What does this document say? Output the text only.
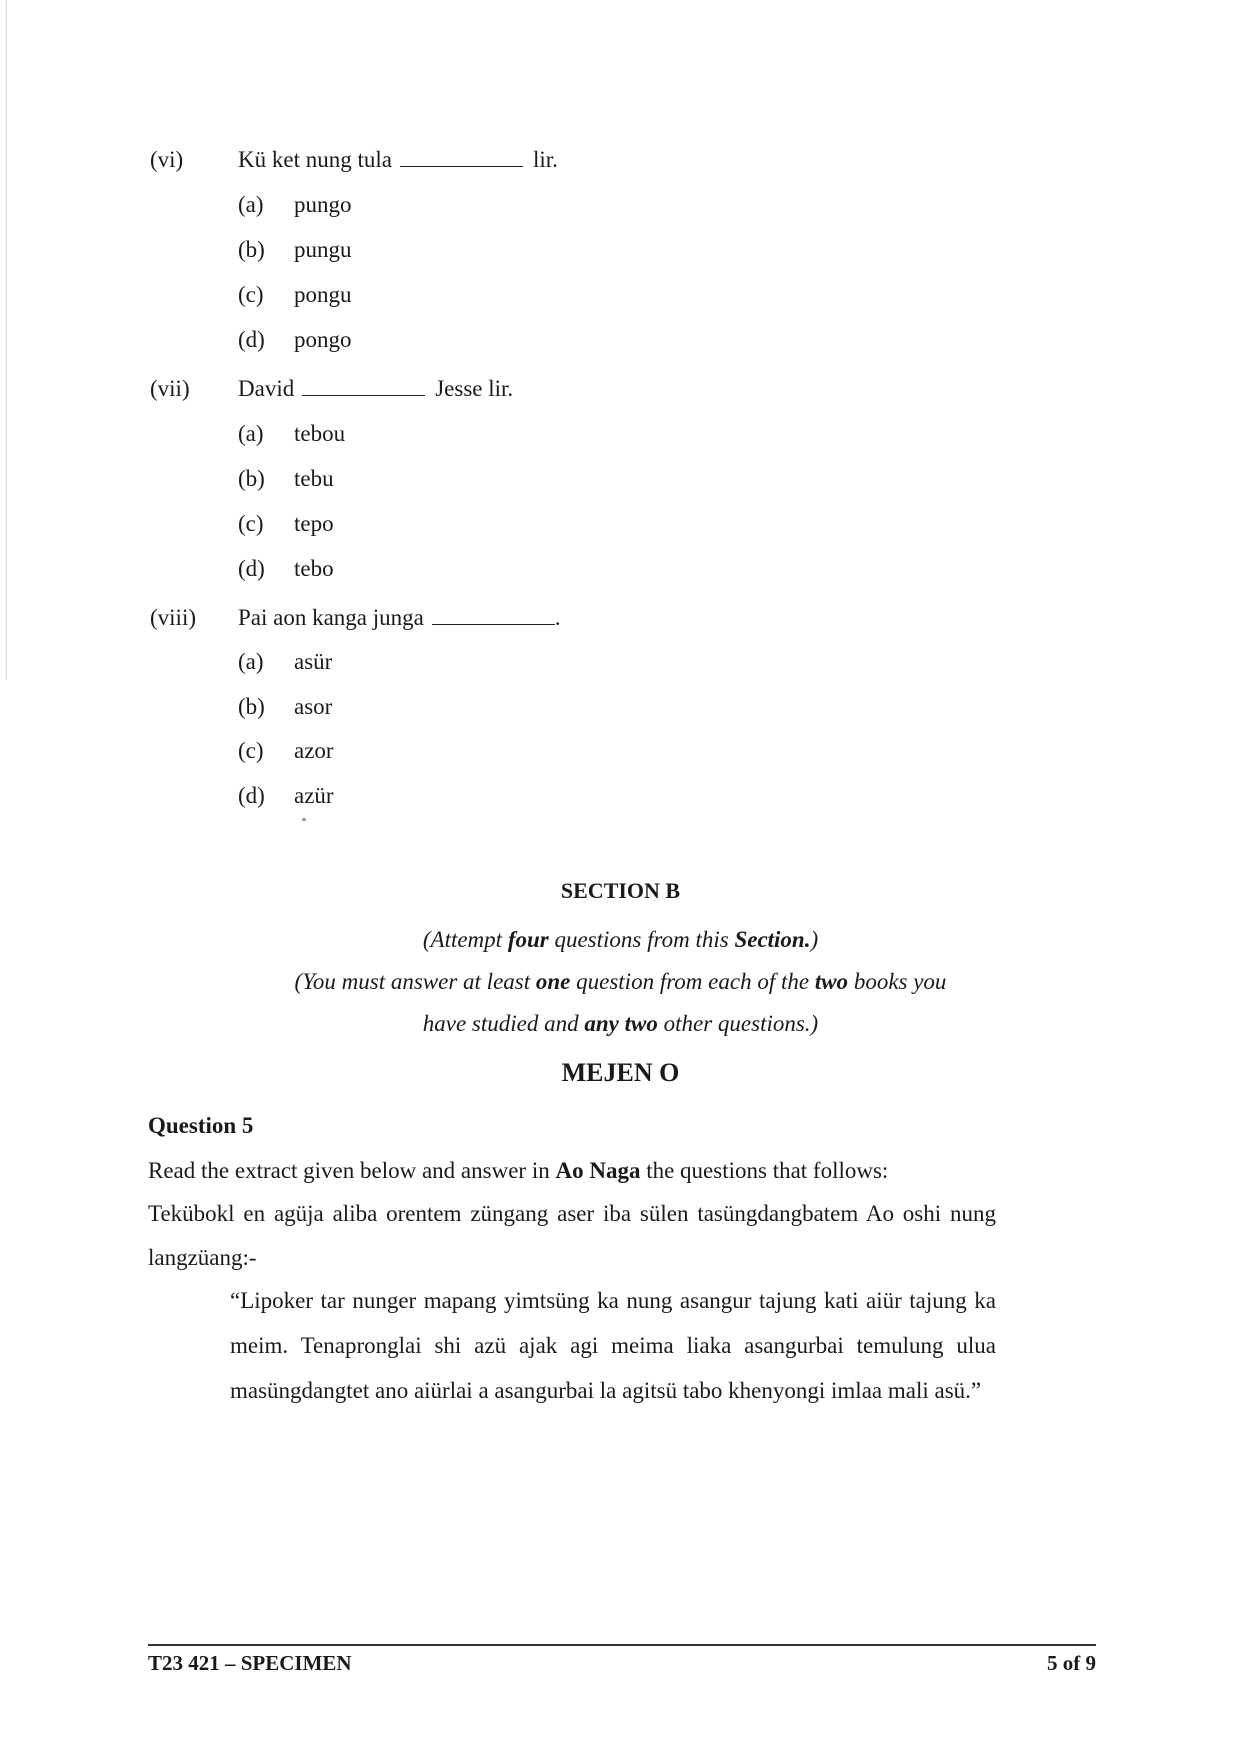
(vi) Kü ket nung tula	lir.
(a) pungo
(b) pungu
(c) pongu
(d) pongo
(vii) David	Jesse lir.
(a) tebou
(b) tebu
(c) tepo
(d) tebo
(viii) Pai aon kanga junga	.
(a) asür
(b) asor
(c) azor
(d) azür
SECTION B
(Attempt four questions from this Section.)
(You must answer at least one question from each of the two books you
have studied and any two other questions.)
MEJEN O
Question 5
Read the extract given below and answer in Ao Naga the questions that follows:
Tekübokl en agüja aliba orentem züngang aser iba sülen tasüngdangbatem Ao oshi nung langzüang:-
“Lipoker tar nunger mapang yimtsüng ka nung asangur tajung kati aiür tajung ka meim. Tenapronglai shi azü ajak agi meima liaka asangurbai temulung ulua masüngdangtet ano aiürlai a asangurbai la agitsü tabo khenyongi imlaa mali asü.”
T23 421 – SPECIMEN	5 of 9
